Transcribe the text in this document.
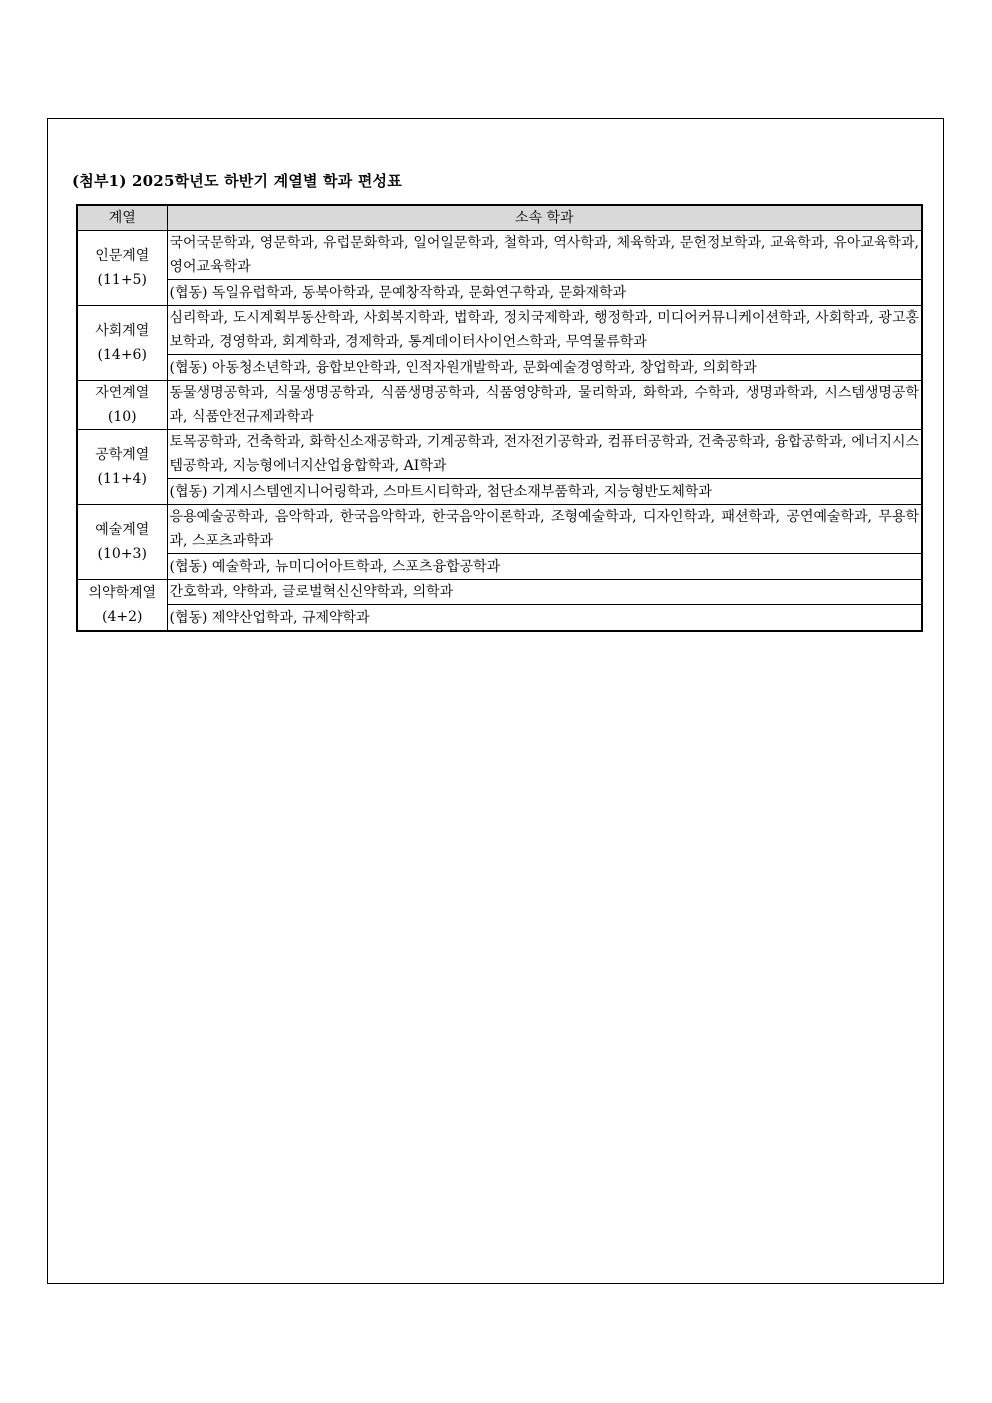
(첨부1) 2025학년도 하반기 계열별 학과 편성표
계열	소속 학과

인문계열
(11+5)	국어국문학과, 영문학과, 유럽문화학과, 일어일문학과, 철학과, 역사학과, 체육학과, 문헌정보학과, 교육학과, 유아교육학과, 영어교육학과
	(협동) 독일유럽학과, 동북아학과, 문예창작학과, 문화연구학과, 문화재학과

사회계열
(14+6)	심리학과, 도시계획부동산학과, 사회복지학과, 법학과, 정치국제학과, 행정학과, 미디어커뮤니케이션학과, 사회학과, 광고홍보학과, 경영학과, 회계학과, 경제학과, 통계데이터사이언스학과, 무역물류학과
	(협동) 아동청소년학과, 융합보안학과, 인적자원개발학과, 문화예술경영학과, 창업학과, 의회학과

자연계열
(10)	동물생명공학과, 식물생명공학과, 식품생명공학과, 식품영양학과, 물리학과, 화학과, 수학과, 생명과학과, 시스템생명공학과, 식품안전규제과학과

공학계열
(11+4)	토목공학과, 건축학과, 화학신소재공학과, 기계공학과, 전자전기공학과, 컴퓨터공학과, 건축공학과, 융합공학과, 에너지시스템공학과, 지능형에너지산업융합학과, AI학과
	(협동) 기계시스템엔지니어링학과, 스마트시티학과, 첨단소재부품학과, 지능형반도체학과

예술계열
(10+3)	응용예술공학과, 음악학과, 한국음악학과, 한국음악이론학과, 조형예술학과, 디자인학과, 패션학과, 공연예술학과, 무용학과, 스포츠과학과
	(협동) 예술학과, 뉴미디어아트학과, 스포츠융합공학과

의약학계열
(4+2)	간호학과, 약학과, 글로벌혁신신약학과, 의학과
	(협동) 제약산업학과, 규제약학과
